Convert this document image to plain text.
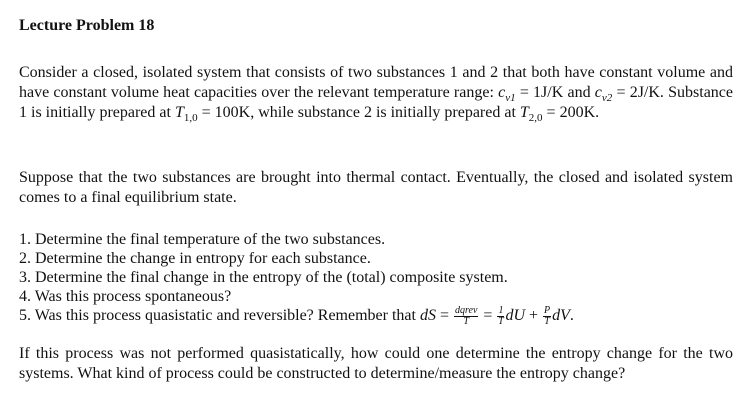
Lecture Problem 18

Consider a closed, isolated system that consists of two substances 1 and 2 that both have constant volume and have constant volume heat capacities over the relevant temperature range: $c_{v1} = 1J/K$ and $c_{v2} = 2J/K$. Substance 1 is initially prepared at $T_{1,0} = 100K$, while substance 2 is initially prepared at $T_{2,0} = 200K$.

Suppose that the two substances are brought into thermal contact. Eventually, the closed and isolated system comes to a final equilibrium state.

1. Determine the final temperature of the two substances.
2. Determine the change in entropy for each substance.
3. Determine the final change in the entropy of the (total) composite system.
4. Was this process spontaneous?
5. Was this process quasistatic and reversible? Remember that dS = $\frac{\text{dqrev}}{T} = \frac{1}{T}$ dU + $\frac{P}{T}$ dV.

If this process was not performed quasistatically, how could one determine the entropy change for the two systems. What kind of process could be constructed to determine/measure the entropy change?
